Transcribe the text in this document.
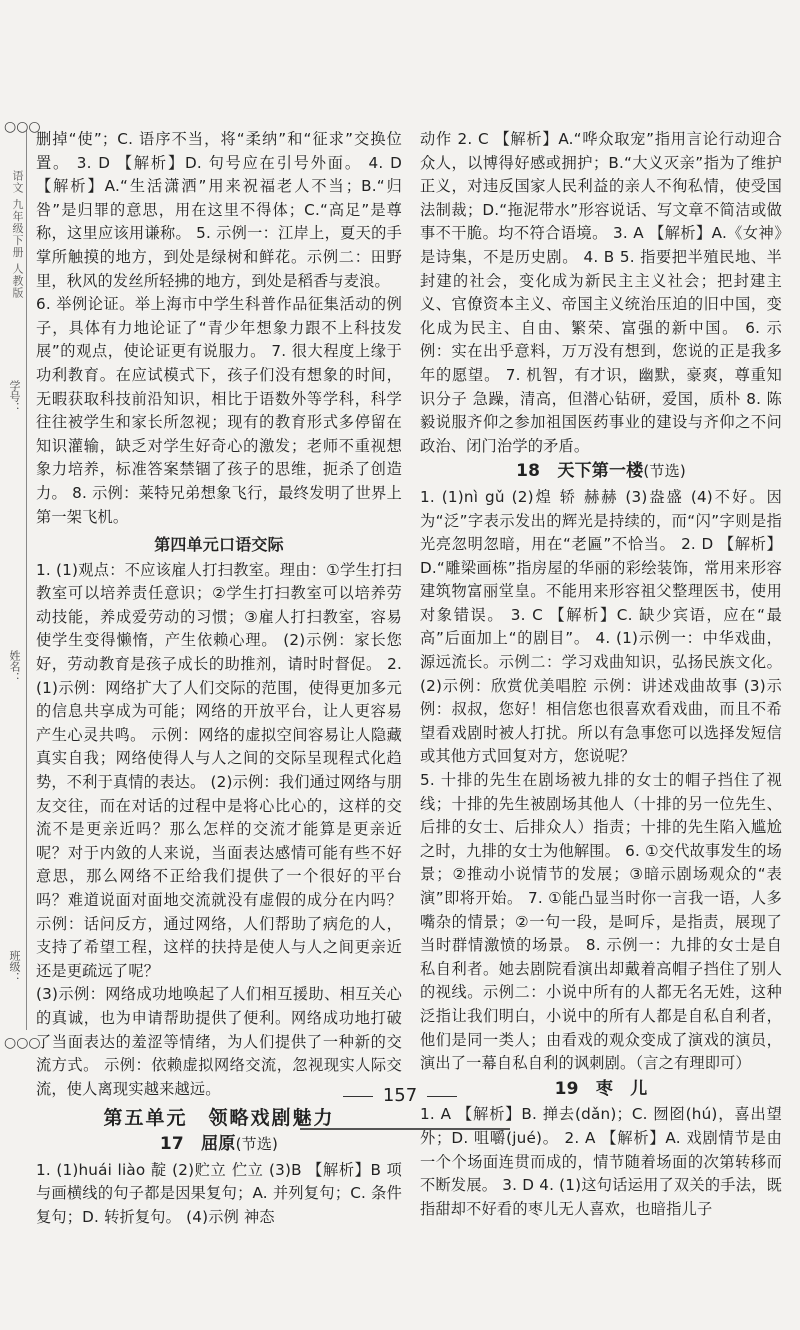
○○○
语文 九年级下册 人教版
班级：
姓名：
学号：
○○○

删掉“使”；C. 语序不当，将“柔纳”和“征求”交换位置。 3. D 【解析】D. 句号应在引号外面。 4. D 【解析】A.“生活潇洒”用来祝福老人不当；B.“归咎”是归罪的意思，用在这里不得体；C.“高足”是尊称，这里应该用谦称。 5. 示例一：江岸上，夏天的手掌所触摸的地方，到处是绿树和鲜花。示例二：田野里，秋风的发丝所轻拂的地方，到处是稻香与麦浪。

6. 举例论证。举上海市中学生科普作品征集活动的例子，具体有力地论证了“青少年想象力跟不上科技发展”的观点，使论证更有说服力。 7. 很大程度上缘于功利教育。在应试模式下，孩子们没有想象的时间，无暇获取科技前沿知识，相比于语数外等学科，科学往往被学生和家长所忽视；现有的教育形式多停留在知识灌输，缺乏对学生好奇心的激发；老师不重视想象力培养，标准答案禁锢了孩子的思维，扼杀了创造力。 8. 示例：莱特兄弟想象飞行，最终发明了世界上第一架飞机。

第四单元口语交际

1. (1)观点：不应该雇人打扫教室。理由：①学生打扫教室可以培养责任意识；②学生打扫教室可以培养劳动技能，养成爱劳动的习惯；③雇人打扫教室，容易使学生变得懒惰，产生依赖心理。 (2)示例：家长您好，劳动教育是孩子成长的助推剂，请时时督促。 2. (1)示例：网络扩大了人们交际的范围，使得更加多元的信息共享成为可能；网络的开放平台，让人更容易产生心灵共鸣。 示例：网络的虚拟空间容易让人隐藏真实自我；网络使得人与人之间的交际呈现程式化趋势，不利于真情的表达。 (2)示例：我们通过网络与朋友交往，而在对话的过程中是将心比心的，这样的交流不是更亲近吗？那么怎样的交流才能算是更亲近呢？对于内敛的人来说，当面表达感情可能有些不好意思，那么网络不正给我们提供了一个很好的平台吗？难道说面对面地交流就没有虚假的成分在内吗？ 示例：话问反方，通过网络，人们帮助了病危的人，支持了希望工程，这样的扶持是使人与人之间更亲近还是更疏远了呢？

(3)示例：网络成功地唤起了人们相互援助、相互关心的真诚，也为申请帮助提供了便利。网络成功地打破了当面表达的羞涩等情绪，为人们提供了一种新的交流方式。 示例：依赖虚拟网络交流，忽视现实人际交流，使人离现实越来越远。

第五单元　领略戏剧魅力
17　屈原(节选)

1. (1)huái liào 靛 (2)贮立 伫立 (3)B 【解析】B 项与画横线的句子都是因果复句；A. 并列复句；C. 条件复句；D. 转折复句。 (4)示例 神态

动作 2. C 【解析】A.“哗众取宠”指用言论行动迎合众人，以博得好感或拥护；B.“大义灭亲”指为了维护正义，对违反国家人民利益的亲人不徇私情，使受国法制裁；D.“拖泥带水”形容说话、写文章不简洁或做事不干脆。均不符合语境。 3. A 【解析】A.《女神》是诗集，不是历史剧。 4. B 5. 指要把半殖民地、半封建的社会，变化成为新民主主义社会；把封建主义、官僚资本主义、帝国主义统治压迫的旧中国，变化成为民主、自由、繁荣、富强的新中国。 6. 示例：实在出乎意料，万万没有想到，您说的正是我多年的愿望。 7. 机智，有才识，幽默，豪爽，尊重知识分子 急躁，清高，但潜心钻研，爱国，质朴 8. 陈毅说服齐仰之参加祖国医药事业的建设与齐仰之不问政治、闭门治学的矛盾。

18　天下第一楼(节选)

1. (1)nì gǔ (2)煌 轿 赫赫 (3)盎盛 (4)不好。因为“泛”字表示发出的辉光是持续的，而“闪”字则是指光亮忽明忽暗，用在“老匾”不恰当。 2. D 【解析】D.“雕梁画栋”指房屋的华丽的彩绘装饰，常用来形容建筑物富丽堂皇。不能用来形容祖父整理医书，使用对象错误。 3. C 【解析】C. 缺少宾语，应在“最高”后面加上“的剧目”。 4. (1)示例一：中华戏曲，源远流长。示例二：学习戏曲知识，弘扬民族文化。 (2)示例：欣赏优美唱腔 示例：讲述戏曲故事 (3)示例：叔叔，您好！相信您也很喜欢看戏曲，而且不希望看戏剧时被人打扰。所以有急事您可以选择发短信或其他方式回复对方，您说呢？

5. 十排的先生在剧场被九排的女士的帽子挡住了视线；十排的先生被剧场其他人（十排的另一位先生、后排的女士、后排众人）指责；十排的先生陷入尴尬之时，九排的女士为他解围。 6. ①交代故事发生的场景；②推动小说情节的发展；③暗示剧场观众的“表演”即将开始。 7. ①能凸显当时你一言我一语，人多嘴杂的情景；②一句一段，是呵斥，是指责，展现了当时群情激愤的场景。 8. 示例一：九排的女士是自私自利者。她去剧院看演出却戴着高帽子挡住了别人的视线。示例二：小说中所有的人都无名无姓，这种泛指让我们明白，小说中的所有人都是自私自利者，他们是同一类人；由看戏的观众变成了演戏的演员，演出了一幕自私自利的讽刺剧。（言之有理即可）

19　枣　儿

1. A 【解析】B. 掸去(dǎn)；C. 囫囵(hú)，喜出望外；D. 咀嚼(jué)。 2. A 【解析】A. 戏剧情节是由一个个场面连贯而成的，情节随着场面的次第转移而不断发展。 3. D 4. (1)这句话运用了双关的手法，既指甜却不好看的枣儿无人喜欢，也暗指儿子

157
